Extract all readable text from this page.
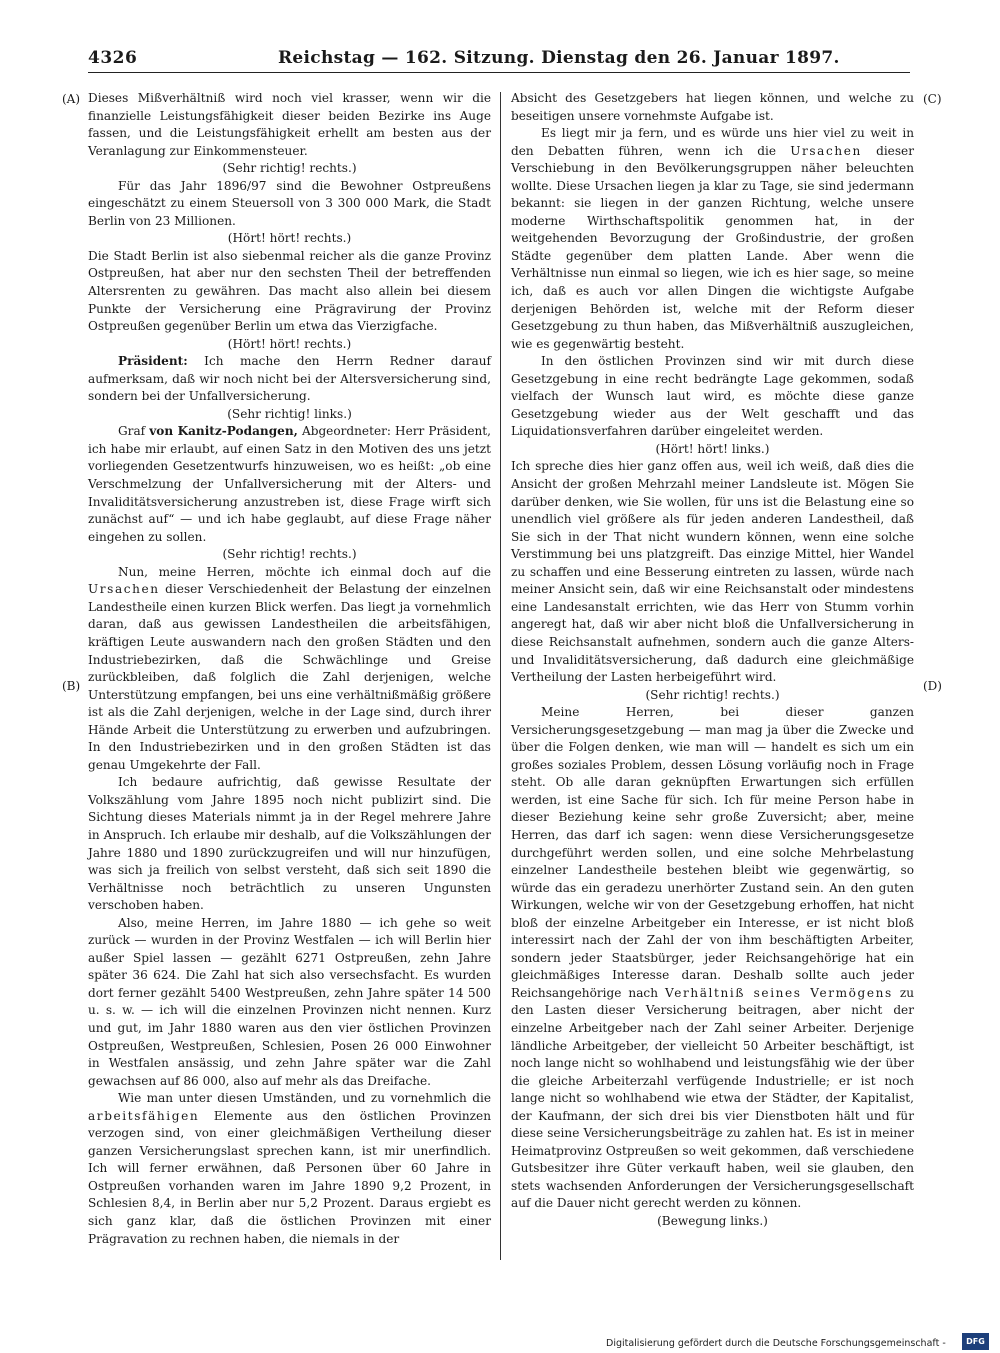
4326	Reichstag — 162. Sitzung. Dienstag den 26. Januar 1897.
(A)
(B)
(C)
(D)

Dieses Mißverhältniß wird noch viel krasser, wenn wir die finanzielle Leistungsfähigkeit dieser beiden Bezirke ins Auge fassen, und die Leistungsfähigkeit erhellt am besten aus der Veranlagung zur Einkommensteuer.

(Sehr richtig! rechts.)

Für das Jahr 1896/97 sind die Bewohner Ostpreußens eingeschätzt zu einem Steuersoll von 3 300 000 Mark, die Stadt Berlin von 23 Millionen.

(Hört! hört! rechts.)

Die Stadt Berlin ist also siebenmal reicher als die ganze Provinz Ostpreußen, hat aber nur den sechsten Theil der betreffenden Altersrenten zu gewähren. Das macht also allein bei diesem Punkte der Versicherung eine Prägravirung der Provinz Ostpreußen gegenüber Berlin um etwa das Vierzigfache.

(Hört! hört! rechts.)

Präsident: Ich mache den Herrn Redner darauf aufmerksam, daß wir noch nicht bei der Altersversicherung sind, sondern bei der Unfallversicherung.

(Sehr richtig! links.)

Graf von Kanitz-Podangen, Abgeordneter: Herr Präsident, ich habe mir erlaubt, auf einen Satz in den Motiven des uns jetzt vorliegenden Gesetzentwurfs hinzuweisen, wo es heißt: „ob eine Verschmelzung der Unfallversicherung mit der Alters- und Invaliditätsversicherung anzustreben ist, diese Frage wirft sich zunächst auf“ — und ich habe geglaubt, auf diese Frage näher eingehen zu sollen.

(Sehr richtig! rechts.)

Nun, meine Herren, möchte ich einmal doch auf die Ursachen dieser Verschiedenheit der Belastung der einzelnen Landestheile einen kurzen Blick werfen. Das liegt ja vornehmlich daran, daß aus gewissen Landestheilen die arbeitsfähigen, kräftigen Leute auswandern nach den großen Städten und den Industriebezirken, daß die Schwächlinge und Greise zurückbleiben, daß folglich die Zahl derjenigen, welche Unterstützung empfangen, bei uns eine verhältnißmäßig größere ist als die Zahl derjenigen, welche in der Lage sind, durch ihrer Hände Arbeit die Unterstützung zu erwerben und aufzubringen. In den Industriebezirken und in den großen Städten ist das genau Umgekehrte der Fall.

Ich bedaure aufrichtig, daß gewisse Resultate der Volkszählung vom Jahre 1895 noch nicht publizirt sind. Die Sichtung dieses Materials nimmt ja in der Regel mehrere Jahre in Anspruch. Ich erlaube mir deshalb, auf die Volkszählungen der Jahre 1880 und 1890 zurückzugreifen und will nur hinzufügen, was sich ja freilich von selbst versteht, daß sich seit 1890 die Verhältnisse noch beträchtlich zu unseren Ungunsten verschoben haben.

Also, meine Herren, im Jahre 1880 — ich gehe so weit zurück — wurden in der Provinz Westfalen — ich will Berlin hier außer Spiel lassen — gezählt 6271 Ostpreußen, zehn Jahre später 36 624. Die Zahl hat sich also versechsfacht. Es wurden dort ferner gezählt 5400 Westpreußen, zehn Jahre später 14 500 u. s. w. — ich will die einzelnen Provinzen nicht nennen. Kurz und gut, im Jahr 1880 waren aus den vier östlichen Provinzen Ostpreußen, Westpreußen, Schlesien, Posen 26 000 Einwohner in Westfalen ansässig, und zehn Jahre später war die Zahl gewachsen auf 86 000, also auf mehr als das Dreifache.

Wie man unter diesen Umständen, und zu vornehmlich die arbeitsfähigen Elemente aus den östlichen Provinzen verzogen sind, von einer gleichmäßigen Vertheilung dieser ganzen Versicherungslast sprechen kann, ist mir unerfindlich. Ich will ferner erwähnen, daß Personen über 60 Jahre in Ostpreußen vorhanden waren im Jahre 1890 9,2 Prozent, in Schlesien 8,4, in Berlin aber nur 5,2 Prozent. Daraus ergiebt es sich ganz klar, daß die östlichen Provinzen mit einer Prägravation zu rechnen haben, die niemals in der

Absicht des Gesetzgebers hat liegen können, und welche zu beseitigen unsere vornehmste Aufgabe ist.

Es liegt mir ja fern, und es würde uns hier viel zu weit in den Debatten führen, wenn ich die Ursachen dieser Verschiebung in den Bevölkerungsgruppen näher beleuchten wollte. Diese Ursachen liegen ja klar zu Tage, sie sind jedermann bekannt: sie liegen in der ganzen Richtung, welche unsere moderne Wirthschaftspolitik genommen hat, in der weitgehenden Bevorzugung der Großindustrie, der großen Städte gegenüber dem platten Lande. Aber wenn die Verhältnisse nun einmal so liegen, wie ich es hier sage, so meine ich, daß es auch vor allen Dingen die wichtigste Aufgabe derjenigen Behörden ist, welche mit der Reform dieser Gesetzgebung zu thun haben, das Mißverhältniß auszugleichen, wie es gegenwärtig besteht.

In den östlichen Provinzen sind wir mit durch diese Gesetzgebung in eine recht bedrängte Lage gekommen, sodaß vielfach der Wunsch laut wird, es möchte diese ganze Gesetzgebung wieder aus der Welt geschafft und das Liquidationsverfahren darüber eingeleitet werden.

(Hört! hört! links.)

Ich spreche dies hier ganz offen aus, weil ich weiß, daß dies die Ansicht der großen Mehrzahl meiner Landsleute ist. Mögen Sie darüber denken, wie Sie wollen, für uns ist die Belastung eine so unendlich viel größere als für jeden anderen Landestheil, daß Sie sich in der That nicht wundern können, wenn eine solche Verstimmung bei uns platzgreift. Das einzige Mittel, hier Wandel zu schaffen und eine Besserung eintreten zu lassen, würde nach meiner Ansicht sein, daß wir eine Reichsanstalt oder mindestens eine Landesanstalt errichten, wie das Herr von Stumm vorhin angeregt hat, daß wir aber nicht bloß die Unfallversicherung in diese Reichsanstalt aufnehmen, sondern auch die ganze Alters- und Invaliditätsversicherung, daß dadurch eine gleichmäßige Vertheilung der Lasten herbeigeführt wird.

(Sehr richtig! rechts.)

Meine Herren, bei dieser ganzen Versicherungsgesetzgebung — man mag ja über die Zwecke und über die Folgen denken, wie man will — handelt es sich um ein großes soziales Problem, dessen Lösung vorläufig noch in Frage steht. Ob alle daran geknüpften Erwartungen sich erfüllen werden, ist eine Sache für sich. Ich für meine Person habe in dieser Beziehung keine sehr große Zuversicht; aber, meine Herren, das darf ich sagen: wenn diese Versicherungsgesetze durchgeführt werden sollen, und eine solche Mehrbelastung einzelner Landestheile bestehen bleibt wie gegenwärtig, so würde das ein geradezu unerhörter Zustand sein. An den guten Wirkungen, welche wir von der Gesetzgebung erhoffen, hat nicht bloß der einzelne Arbeitgeber ein Interesse, er ist nicht bloß interessirt nach der Zahl der von ihm beschäftigten Arbeiter, sondern jeder Staatsbürger, jeder Reichsangehörige hat ein gleichmäßiges Interesse daran. Deshalb sollte auch jeder Reichsangehörige nach Verhältniß seines Vermögens zu den Lasten dieser Versicherung beitragen, aber nicht der einzelne Arbeitgeber nach der Zahl seiner Arbeiter. Derjenige ländliche Arbeitgeber, der vielleicht 50 Arbeiter beschäftigt, ist noch lange nicht so wohlhabend und leistungsfähig wie der über die gleiche Arbeiterzahl verfügende Industrielle; er ist noch lange nicht so wohlhabend wie etwa der Städter, der Kapitalist, der Kaufmann, der sich drei bis vier Dienstboten hält und für diese seine Versicherungsbeiträge zu zahlen hat. Es ist in meiner Heimatprovinz Ostpreußen so weit gekommen, daß verschiedene Gutsbesitzer ihre Güter verkauft haben, weil sie glauben, den stets wachsenden Anforderungen der Versicherungsgesellschaft auf die Dauer nicht gerecht werden zu können.

(Bewegung links.)

Digitalisierung gefördert durch die Deutsche Forschungsgemeinschaft -	DFG
